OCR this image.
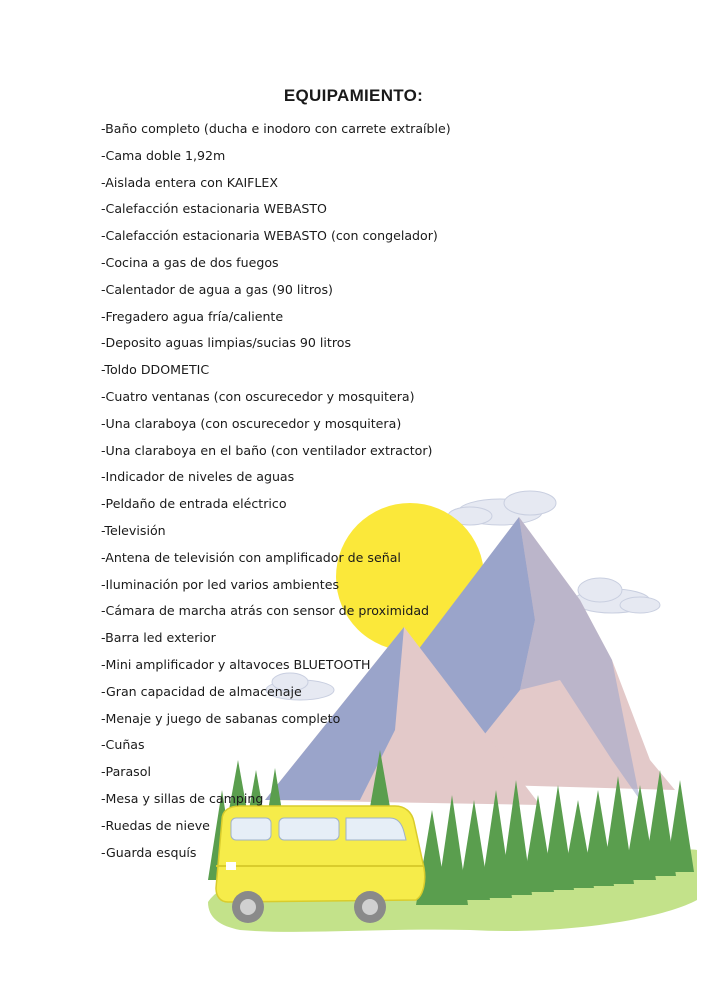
EQUIPAMIENTO:
-Baño completo (ducha e inodoro con carrete extraíble)
-Cama doble 1,92m
-Aislada entera con KAIFLEX
-Calefacción estacionaria WEBASTO
-Calefacción estacionaria WEBASTO (con congelador)
-Cocina a gas de dos fuegos
-Calentador de agua a gas (90 litros)
-Fregadero agua fría/caliente
-Deposito aguas limpias/sucias 90 litros
-Toldo DDOMETIC
-Cuatro ventanas (con oscurecedor y mosquitera)
-Una claraboya (con oscurecedor y mosquitera)
-Una claraboya en el baño (con ventilador extractor)
-Indicador de niveles de aguas
-Peldaño de entrada eléctrico
-Televisión
-Antena de televisión con amplificador de señal
-Iluminación por led varios ambientes
-Cámara de marcha atrás con sensor de proximidad
-Barra led exterior
-Mini amplificador y altavoces BLUETOOTH
-Gran capacidad de almacenaje
-Menaje y juego de sabanas completo
-Cuñas
-Parasol
-Mesa y sillas de camping
-Ruedas de nieve
-Guarda esquís
